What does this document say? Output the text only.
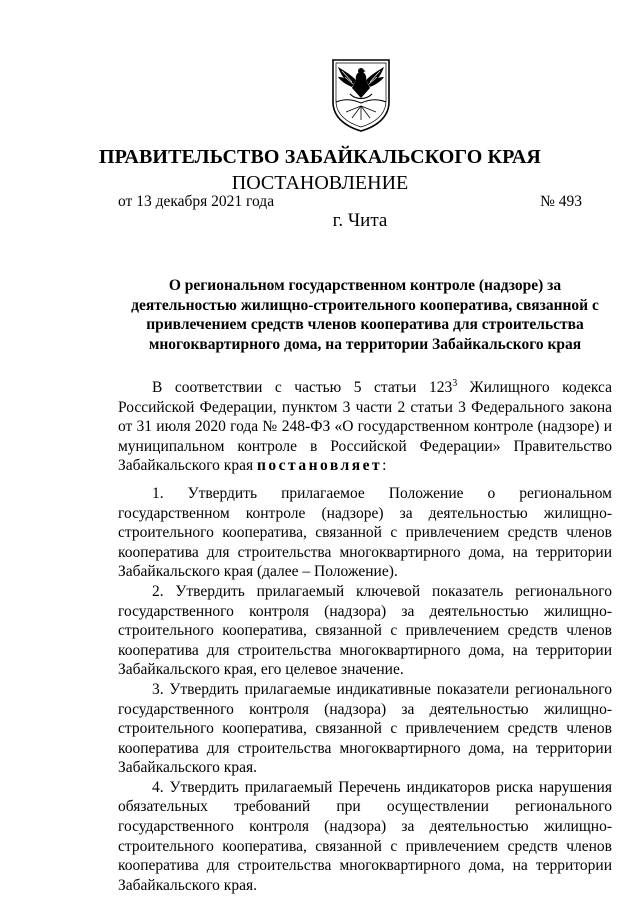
ПРАВИТЕЛЬСТВО ЗАБАЙКАЛЬСКОГО КРАЯ
ПОСТАНОВЛЕНИЕ
от 13 декабря 2021 года	№ 493
г. Чита
О региональном государственном контроле (надзоре) за деятельностью жилищно-строительного кооператива, связанной с привлечением средств членов кооператива для строительства многоквартирного дома, на территории Забайкальского края

В соответствии с частью 5 статьи $123^3$ Жилищного кодекса Российской Федерации, пунктом 3 части 2 статьи 3 Федерального закона от 31 июля 2020 года № 248-ФЗ «О государственном контроле (надзоре) и муниципальном контроле в Российской Федерации» Правительство Забайкальского края постановляет:

1. Утвердить прилагаемое Положение о региональном государственном контроле (надзоре) за деятельностью жилищно-строительного кооператива, связанной с привлечением средств членов кооператива для строительства многоквартирного дома, на территории Забайкальского края (далее – Положение).

2. Утвердить прилагаемый ключевой показатель регионального государственного контроля (надзора) за деятельностью жилищно-строительного кооператива, связанной с привлечением средств членов кооператива для строительства многоквартирного дома, на территории Забайкальского края, его целевое значение.

3. Утвердить прилагаемые индикативные показатели регионального государственного контроля (надзора) за деятельностью жилищно-строительного кооператива, связанной с привлечением средств членов кооператива для строительства многоквартирного дома, на территории Забайкальского края.

4. Утвердить прилагаемый Перечень индикаторов риска нарушения обязательных требований при осуществлении регионального государственного контроля (надзора) за деятельностью жилищно-строительного кооператива, связанной с привлечением средств членов кооператива для строительства многоквартирного дома, на территории Забайкальского края.
